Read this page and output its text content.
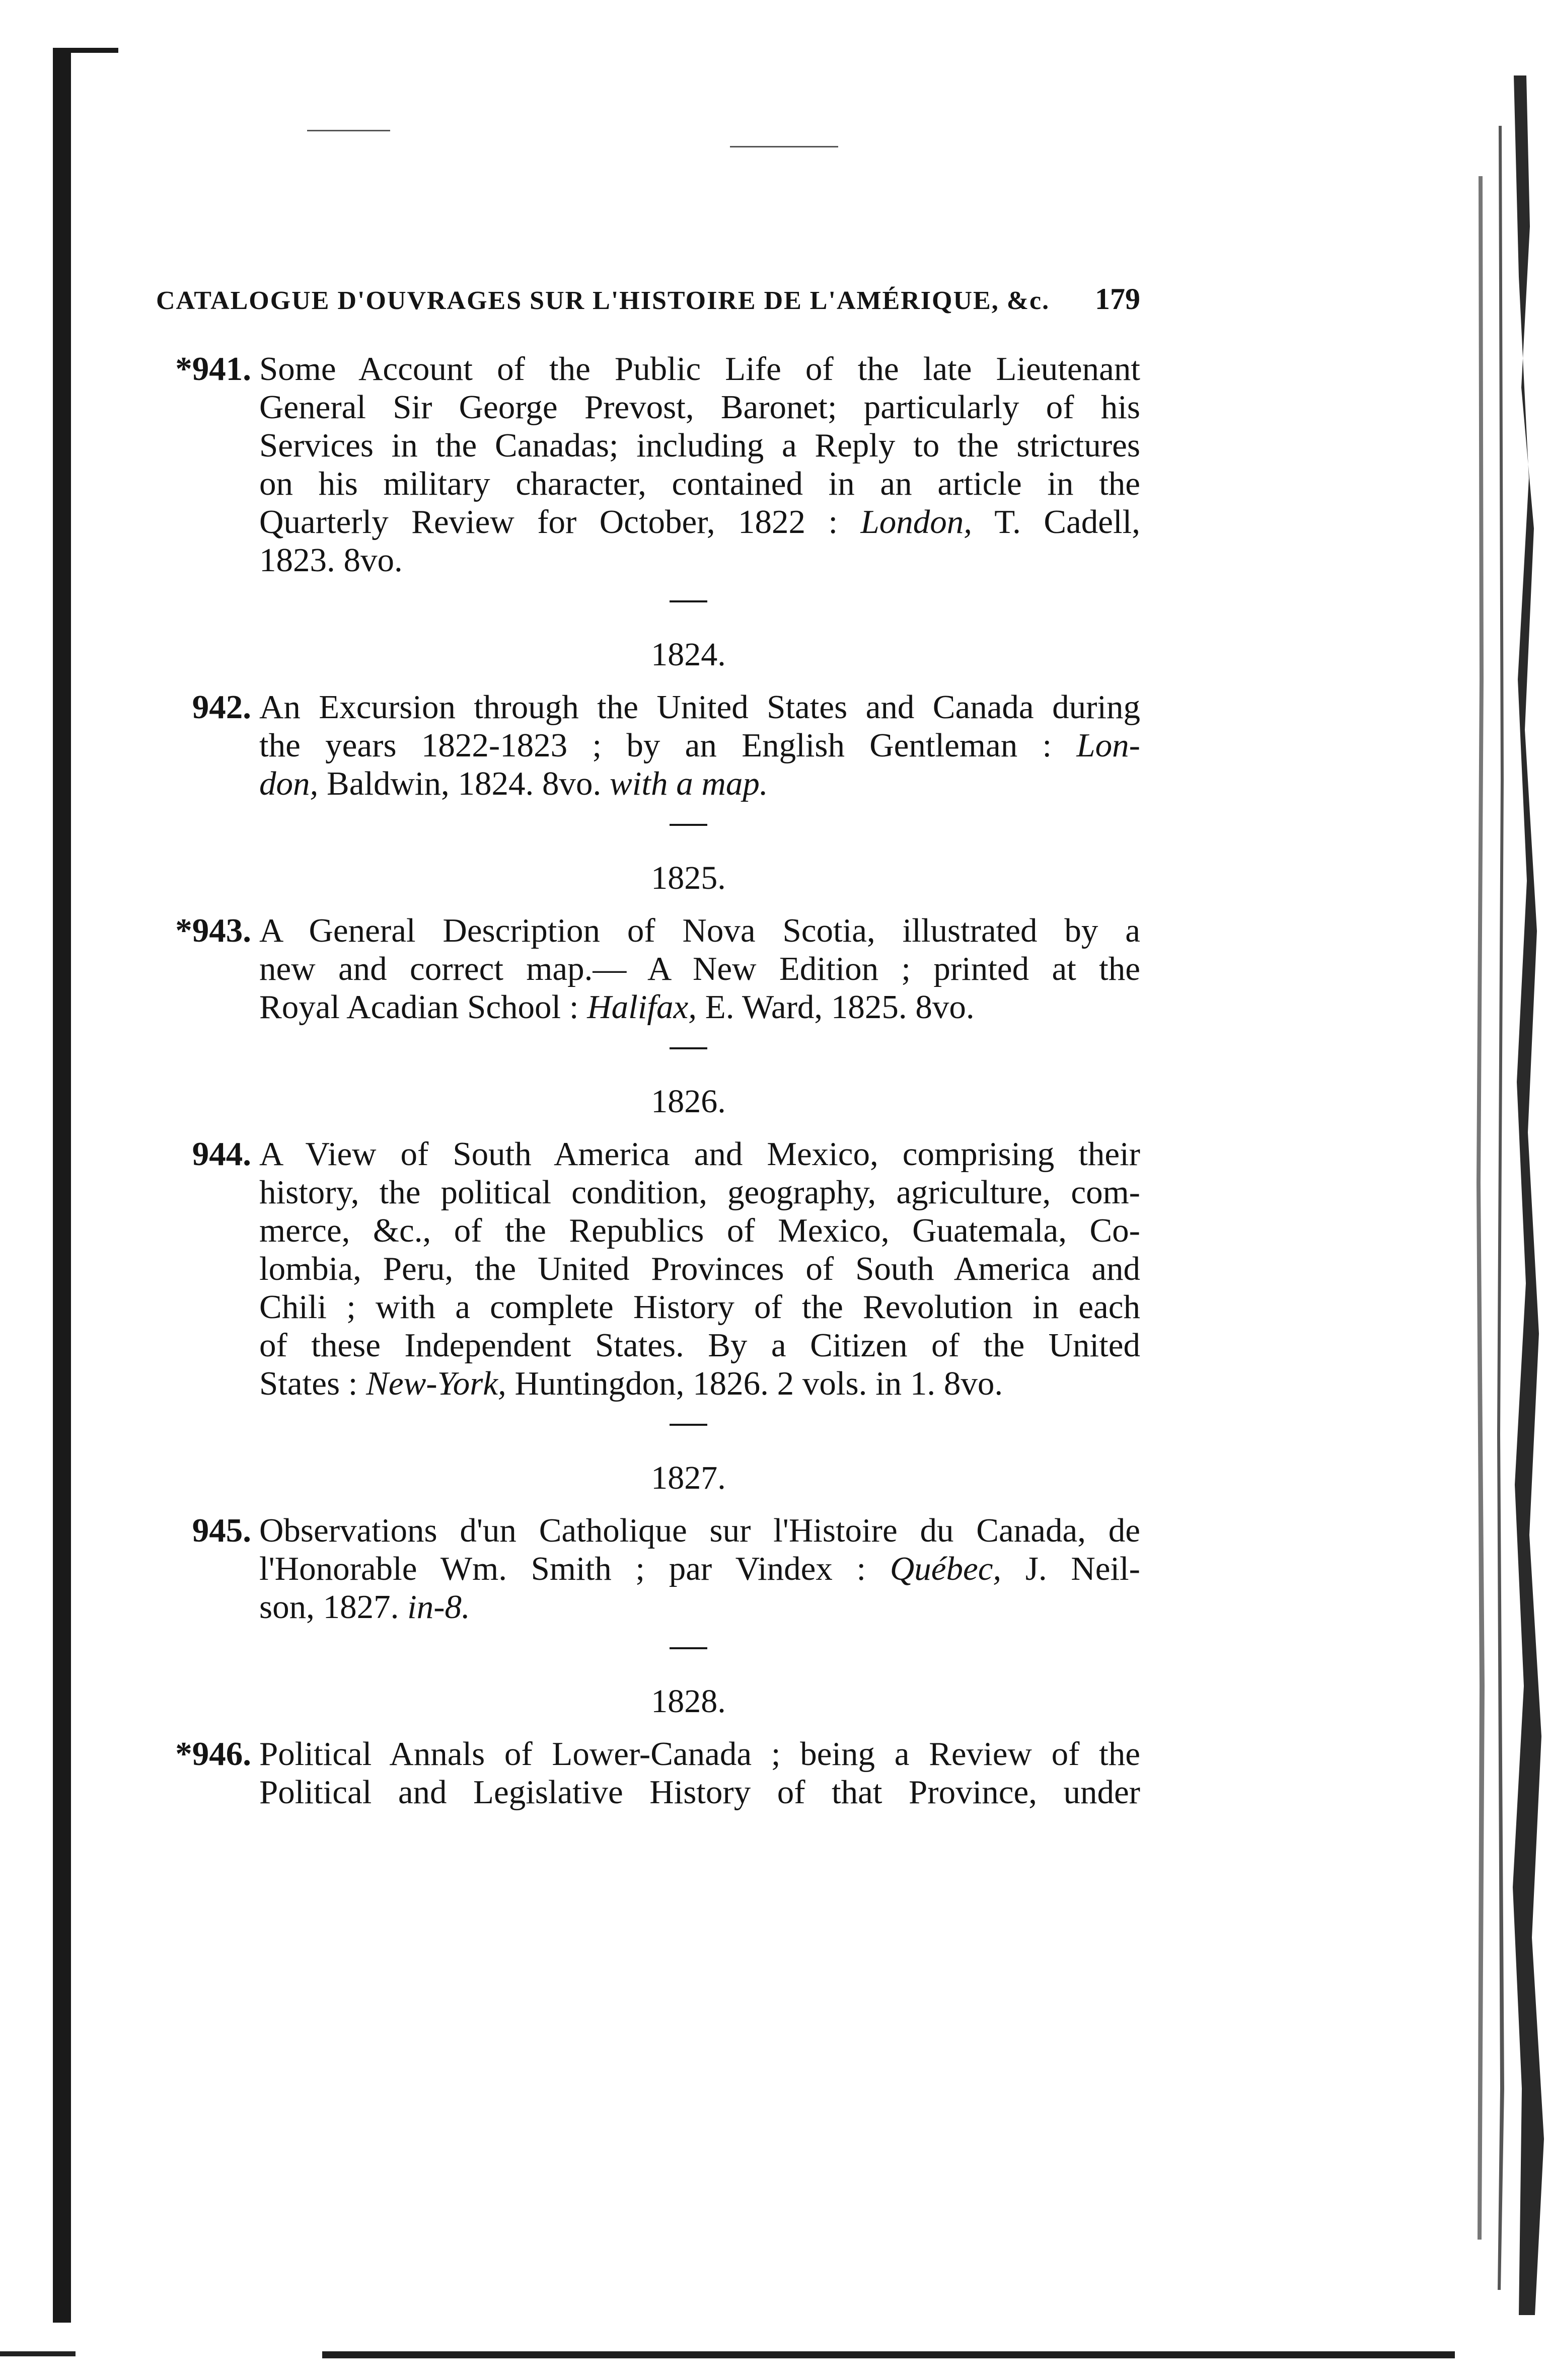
CATALOGUE D'OUVRAGES SUR L'HISTOIRE DE L'AMÉRIQUE, &c. 179
*941. Some Account of the Public Life of the late Lieutenant
General Sir George Prevost, Baronet; particularly of his
Services in the Canadas; including a Reply to the strictures
on his military character, contained in an article in the
Quarterly Review for October, 1822 : London, T. Cadell,
1823. 8vo.
1824.
942. An Excursion through the United States and Canada during
the years 1822-1823 ; by an English Gentleman : Lon-
don, Baldwin, 1824. 8vo. with a map.
1825.
*943. A General Description of Nova Scotia, illustrated by a
new and correct map.— A New Edition ; printed at the
Royal Acadian School : Halifax, E. Ward, 1825. 8vo.
1826.
944. A View of South America and Mexico, comprising their
history, the political condition, geography, agriculture, com-
merce, &c., of the Republics of Mexico, Guatemala, Co-
lombia, Peru, the United Provinces of South America and
Chili ; with a complete History of the Revolution in each
of these Independent States. By a Citizen of the United
States : New-York, Huntingdon, 1826. 2 vols. in 1. 8vo.
1827.
945. Observations d'un Catholique sur l'Histoire du Canada, de
l'Honorable Wm. Smith ; par Vindex : Québec, J. Neil-
son, 1827. in-8.
1828.
*946. Political Annals of Lower-Canada ; being a Review of the
Political and Legislative History of that Province, under
